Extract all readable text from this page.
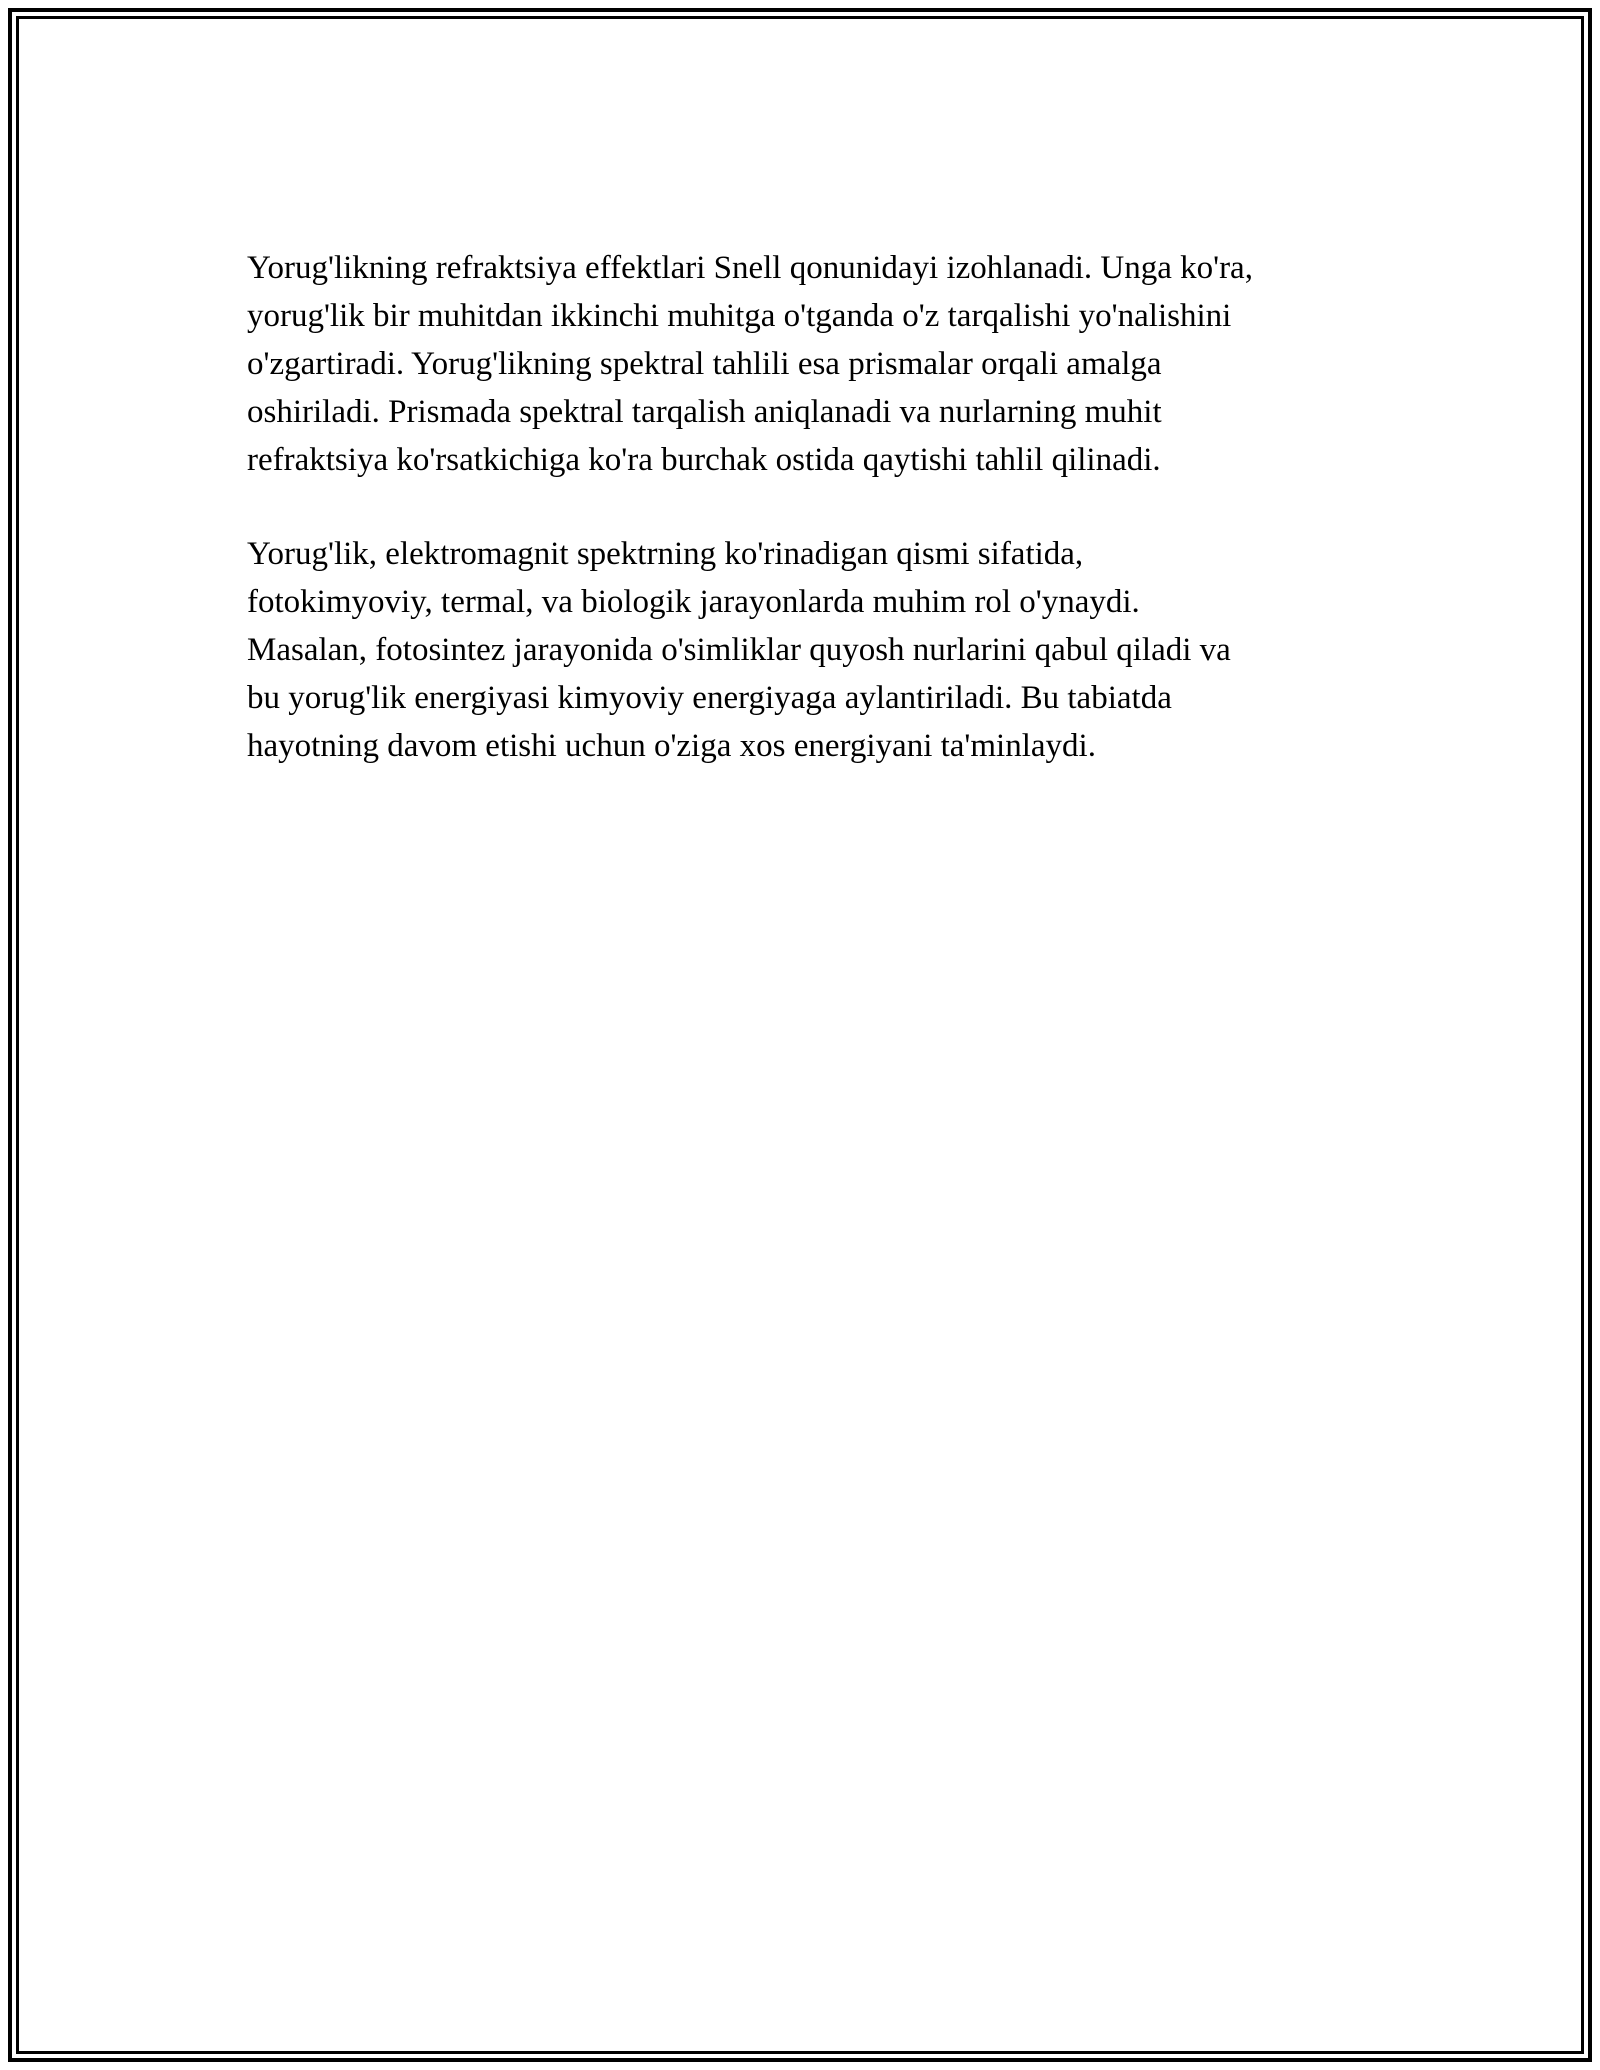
Yorug'likning refraktsiya effektlari Snell qonunidayi izohlanadi. Unga ko'ra,
yorug'lik bir muhitdan ikkinchi muhitga o'tganda o'z tarqalishi yo'nalishini
o'zgartiradi. Yorug'likning spektral tahlili esa prismalar orqali amalga
oshiriladi. Prismada spektral tarqalish aniqlanadi va nurlarning muhit
refraktsiya ko'rsatkichiga ko'ra burchak ostida qaytishi tahlil qilinadi.

Yorug'lik, elektromagnit spektrning ko'rinadigan qismi sifatida,
fotokimyoviy, termal, va biologik jarayonlarda muhim rol o'ynaydi.
Masalan, fotosintez jarayonida o'simliklar quyosh nurlarini qabul qiladi va
bu yorug'lik energiyasi kimyoviy energiyaga aylantiriladi. Bu tabiatda
hayotning davom etishi uchun o'ziga xos energiyani ta'minlaydi.
